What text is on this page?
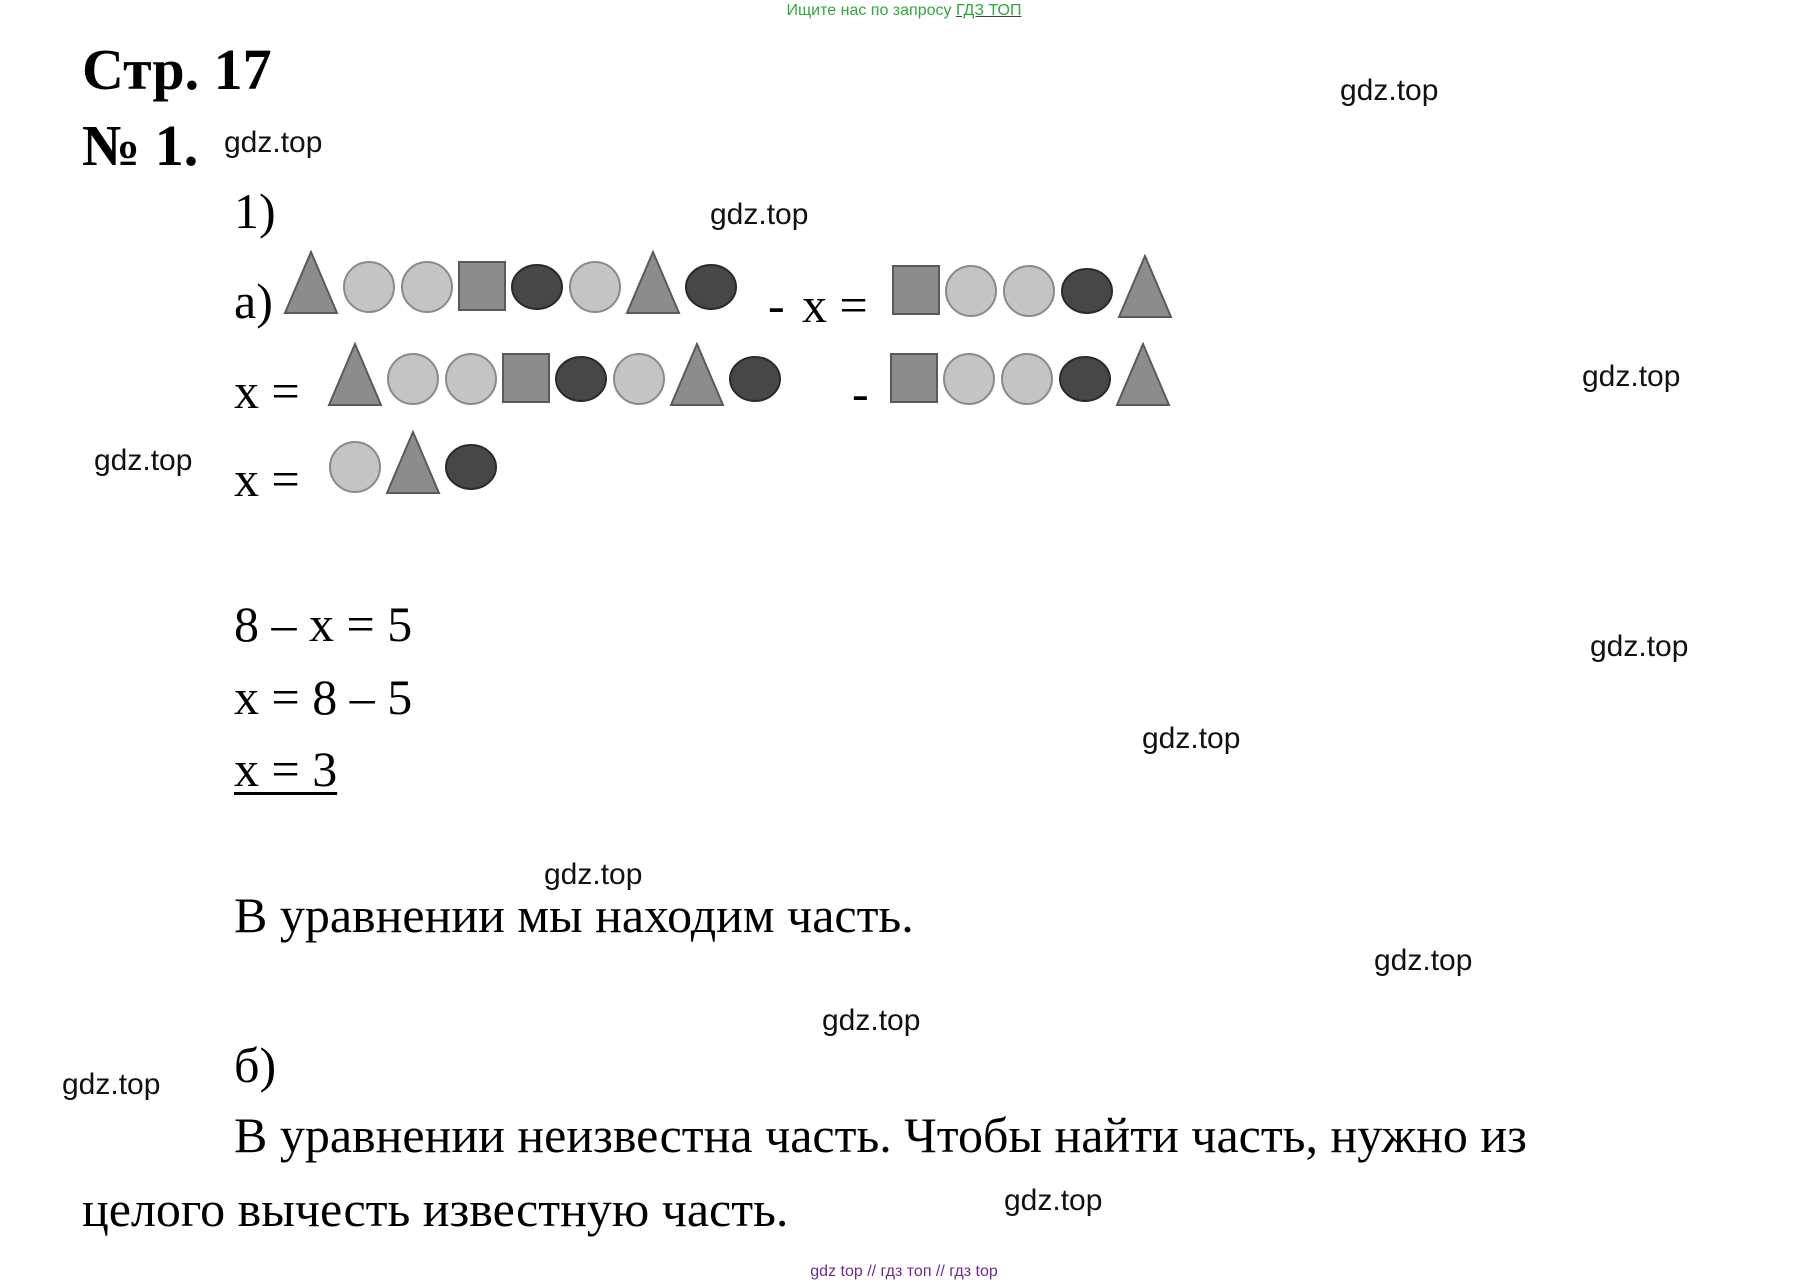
Ищите нас по запросу ГДЗ ТОП
Стр. 17
№ 1.
1)
а)	- x =
x =	-
x =
8 – x = 5
x = 8 – 5
x = 3
В уравнении мы находим часть.
б)
В уравнении неизвестна часть. Чтобы найти часть, нужно из
целого вычесть известную часть.
gdz.top
gdz.top
gdz.top
gdz.top
gdz.top
gdz.top
gdz.top
gdz.top
gdz.top
gdz.top
gdz.top
gdz.top
gdz top // гдз топ // гдз top
